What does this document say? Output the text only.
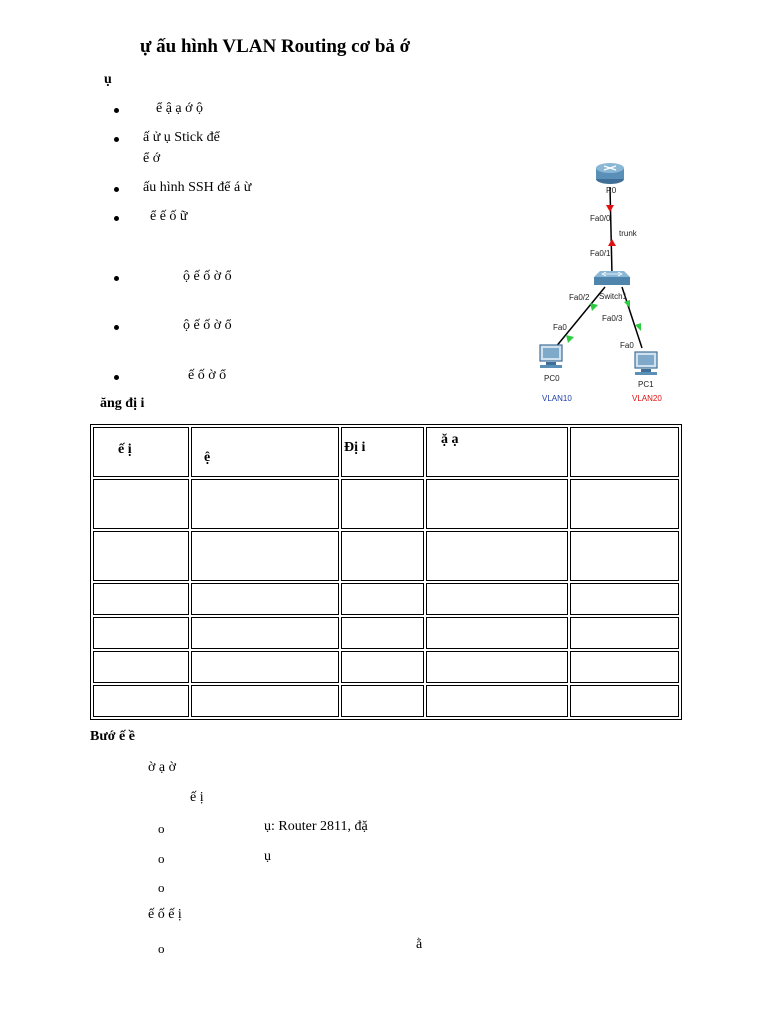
ự ấu hình VLAN Routing cơ bả ớ
ụ
ể ậ ạ ớ ộ
ấ ử ụ Stick để
ể ớ
ấu hình SSH để á ừ
ể ế ố ữ
ộ ế ố ờ ổ
ộ ế ố ờ ổ
ế ố ờ ổ
ăng đị i
R0
Fa0/0
trunk
Fa0/1
Switch1
Fa0/2
Fa0/3
Fa0
Fa0
PC0
PC1
VLAN10	VLAN20
ế ị	ệ	Đị i	ặ ạ	

Bướ ế ề
ờ ạ ờ
ế ị
o	ụ: Router 2811, đặ
o	ụ
o
ế ố ế ị
o	ằ
